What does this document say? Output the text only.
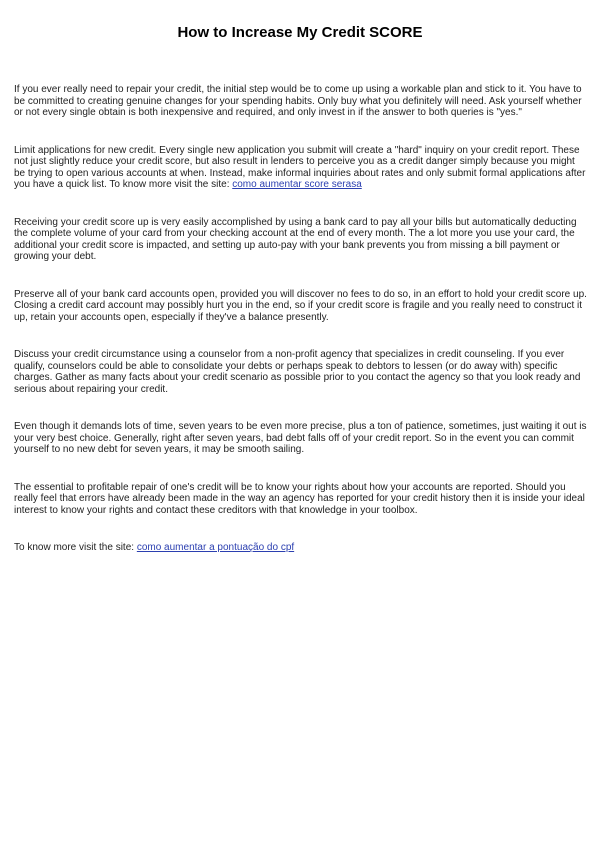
How to Increase My Credit SCORE

If you ever really need to repair your credit, the initial step would be to come up using a workable plan and stick to it. You have to be committed to creating genuine changes for your spending habits. Only buy what you definitely will need. Ask yourself whether or not every single obtain is both inexpensive and required, and only invest in if the answer to both queries is "yes."

Limit applications for new credit. Every single new application you submit will create a "hard" inquiry on your credit report. These not just slightly reduce your credit score, but also result in lenders to perceive you as a credit danger simply because you might be trying to open various accounts at when. Instead, make informal inquiries about rates and only submit formal applications after you have a quick list. To know more visit the site: como aumentar score serasa

Receiving your credit score up is very easily accomplished by using a bank card to pay all your bills but automatically deducting the complete volume of your card from your checking account at the end of every month. The a lot more you use your card, the additional your credit score is impacted, and setting up auto-pay with your bank prevents you from missing a bill payment or growing your debt.

Preserve all of your bank card accounts open, provided you will discover no fees to do so, in an effort to hold your credit score up. Closing a credit card account may possibly hurt you in the end, so if your credit score is fragile and you really need to construct it up, retain your accounts open, especially if they've a balance presently.

Discuss your credit circumstance using a counselor from a non-profit agency that specializes in credit counseling. If you ever qualify, counselors could be able to consolidate your debts or perhaps speak to debtors to lessen (or do away with) specific charges. Gather as many facts about your credit scenario as possible prior to you contact the agency so that you look ready and serious about repairing your credit.

Even though it demands lots of time, seven years to be even more precise, plus a ton of patience, sometimes, just waiting it out is your very best choice. Generally, right after seven years, bad debt falls off of your credit report. So in the event you can commit yourself to no new debt for seven years, it may be smooth sailing.

The essential to profitable repair of one's credit will be to know your rights about how your accounts are reported. Should you really feel that errors have already been made in the way an agency has reported for your credit history then it is inside your ideal interest to know your rights and contact these creditors with that knowledge in your toolbox.

To know more visit the site: como aumentar a pontuação do cpf
